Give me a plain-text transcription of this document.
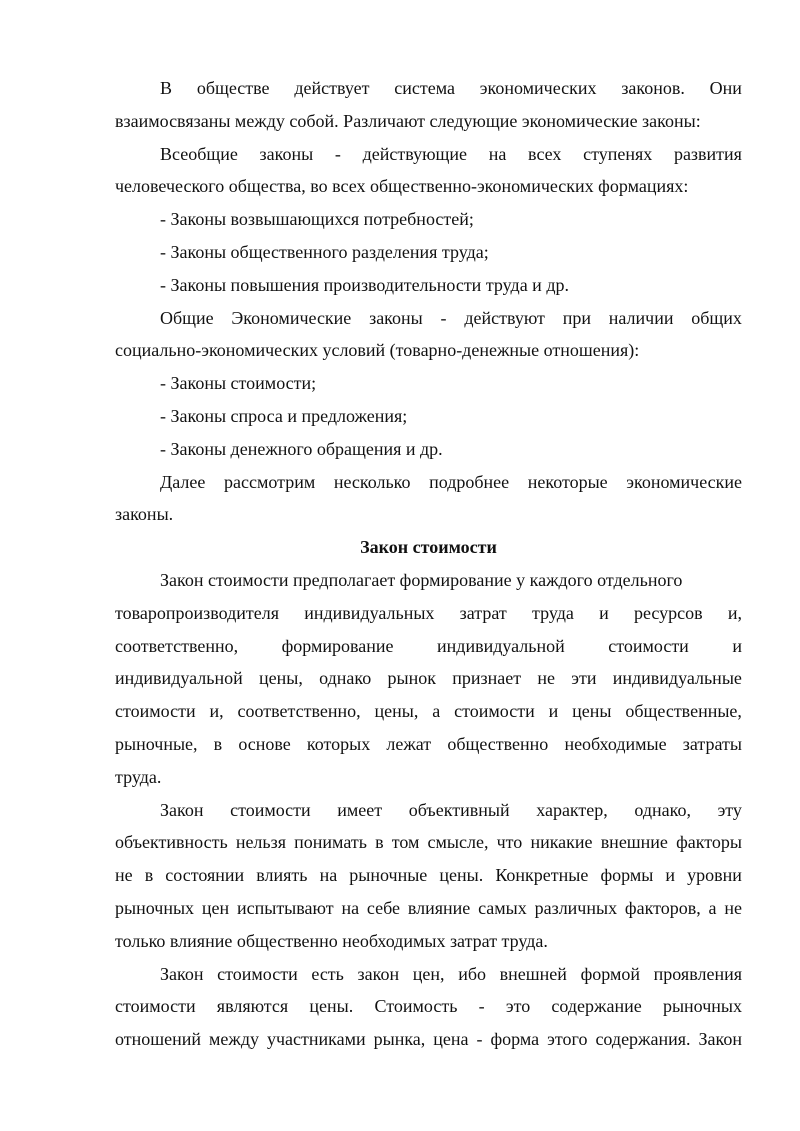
В обществе действует система экономических законов. Они
взаимосвязаны между собой. Различают следующие экономические законы:
Всеобщие законы - действующие на всех ступенях развития
человеческого общества, во всех общественно-экономических формациях:
- Законы возвышающихся потребностей;
- Законы общественного разделения труда;
- Законы повышения производительности труда и др.
Общие Экономические законы - действуют при наличии общих
социально-экономических условий (товарно-денежные отношения):
- Законы стоимости;
- Законы спроса и предложения;
- Законы денежного обращения и др.
Далее рассмотрим несколько подробнее некоторые экономические
законы.
Закон стоимости
Закон стоимости предполагает формирование у каждого отдельного
товаропроизводителя индивидуальных затрат труда и ресурсов и,
соответственно, формирование индивидуальной стоимости и
индивидуальной цены, однако рынок признает не эти индивидуальные
стоимости и, соответственно, цены, а стоимости и цены общественные,
рыночные, в основе которых лежат общественно необходимые затраты
труда.
Закон стоимости имеет объективный характер, однако, эту
объективность нельзя понимать в том смысле, что никакие внешние факторы
не в состоянии влиять на рыночные цены. Конкретные формы и уровни
рыночных цен испытывают на себе влияние самых различных факторов, а не
только влияние общественно необходимых затрат труда.
Закон стоимости есть закон цен, ибо внешней формой проявления
стоимости являются цены. Стоимость - это содержание рыночных
отношений между участниками рынка, цена - форма этого содержания. Закон
